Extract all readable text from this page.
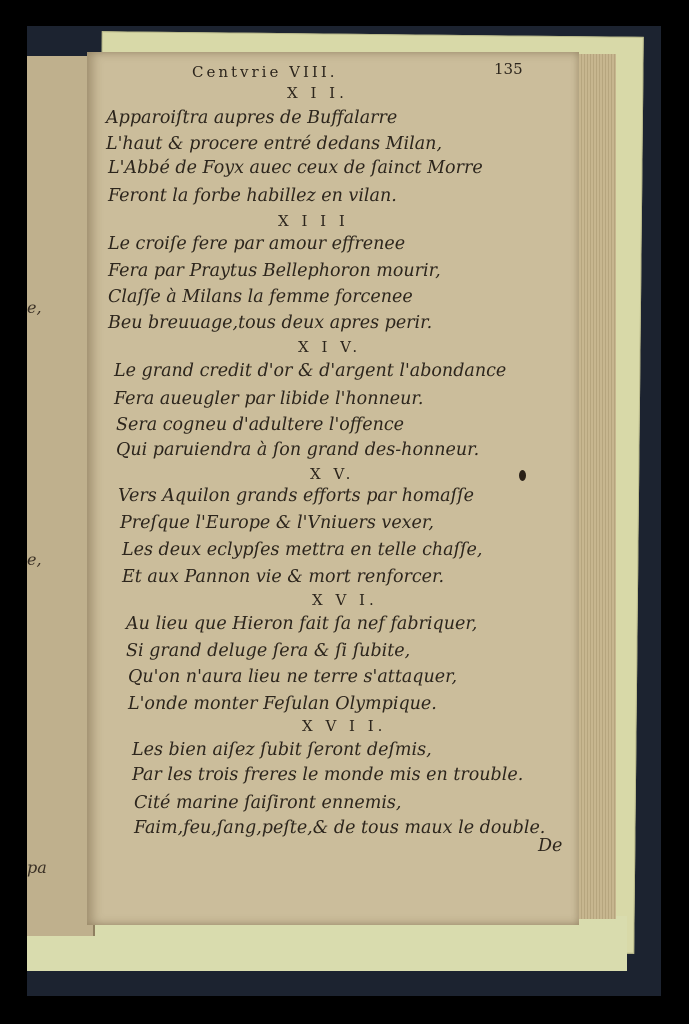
e,
e,
pa
Centvrie VIII.	135
X I I.
Apparoiſtra aupres de Buffalarre
L'haut & procere entré dedans Milan,
L'Abbé de Foyx auec ceux de ſainct Morre
Feront la forbe habillez en vilan.
X I I I
Le croiſe fere par amour effrenee
Fera par Praytus Bellephoron mourir,
Claſſe à Milans la femme forcenee
Beu breuuage,tous deux apres perir.
X I V.
Le grand credit d'or & d'argent l'abondance
Fera aueugler par libide l'honneur.
Sera cogneu d'adultere l'offence
Qui paruiendra à ſon grand des-honneur.
X V.
Vers Aquilon grands efforts par homaſſe
Preſque l'Europe & l'Vniuers vexer,
Les deux eclypſes mettra en telle chaſſe,
Et aux Pannon vie & mort renforcer.
X V I.
Au lieu que Hieron fait ſa nef fabriquer,
Si grand deluge ſera & ſi ſubite,
Qu'on n'aura lieu ne terre s'attaquer,
L'onde monter Feſulan Olympique.
X V I I.
Les bien aiſez ſubit ſeront deſmis,
Par les trois freres le monde mis en trouble.
Cité marine ſaiſiront ennemis,
Faim,feu,ſang,peſte,& de tous maux le double.
De
